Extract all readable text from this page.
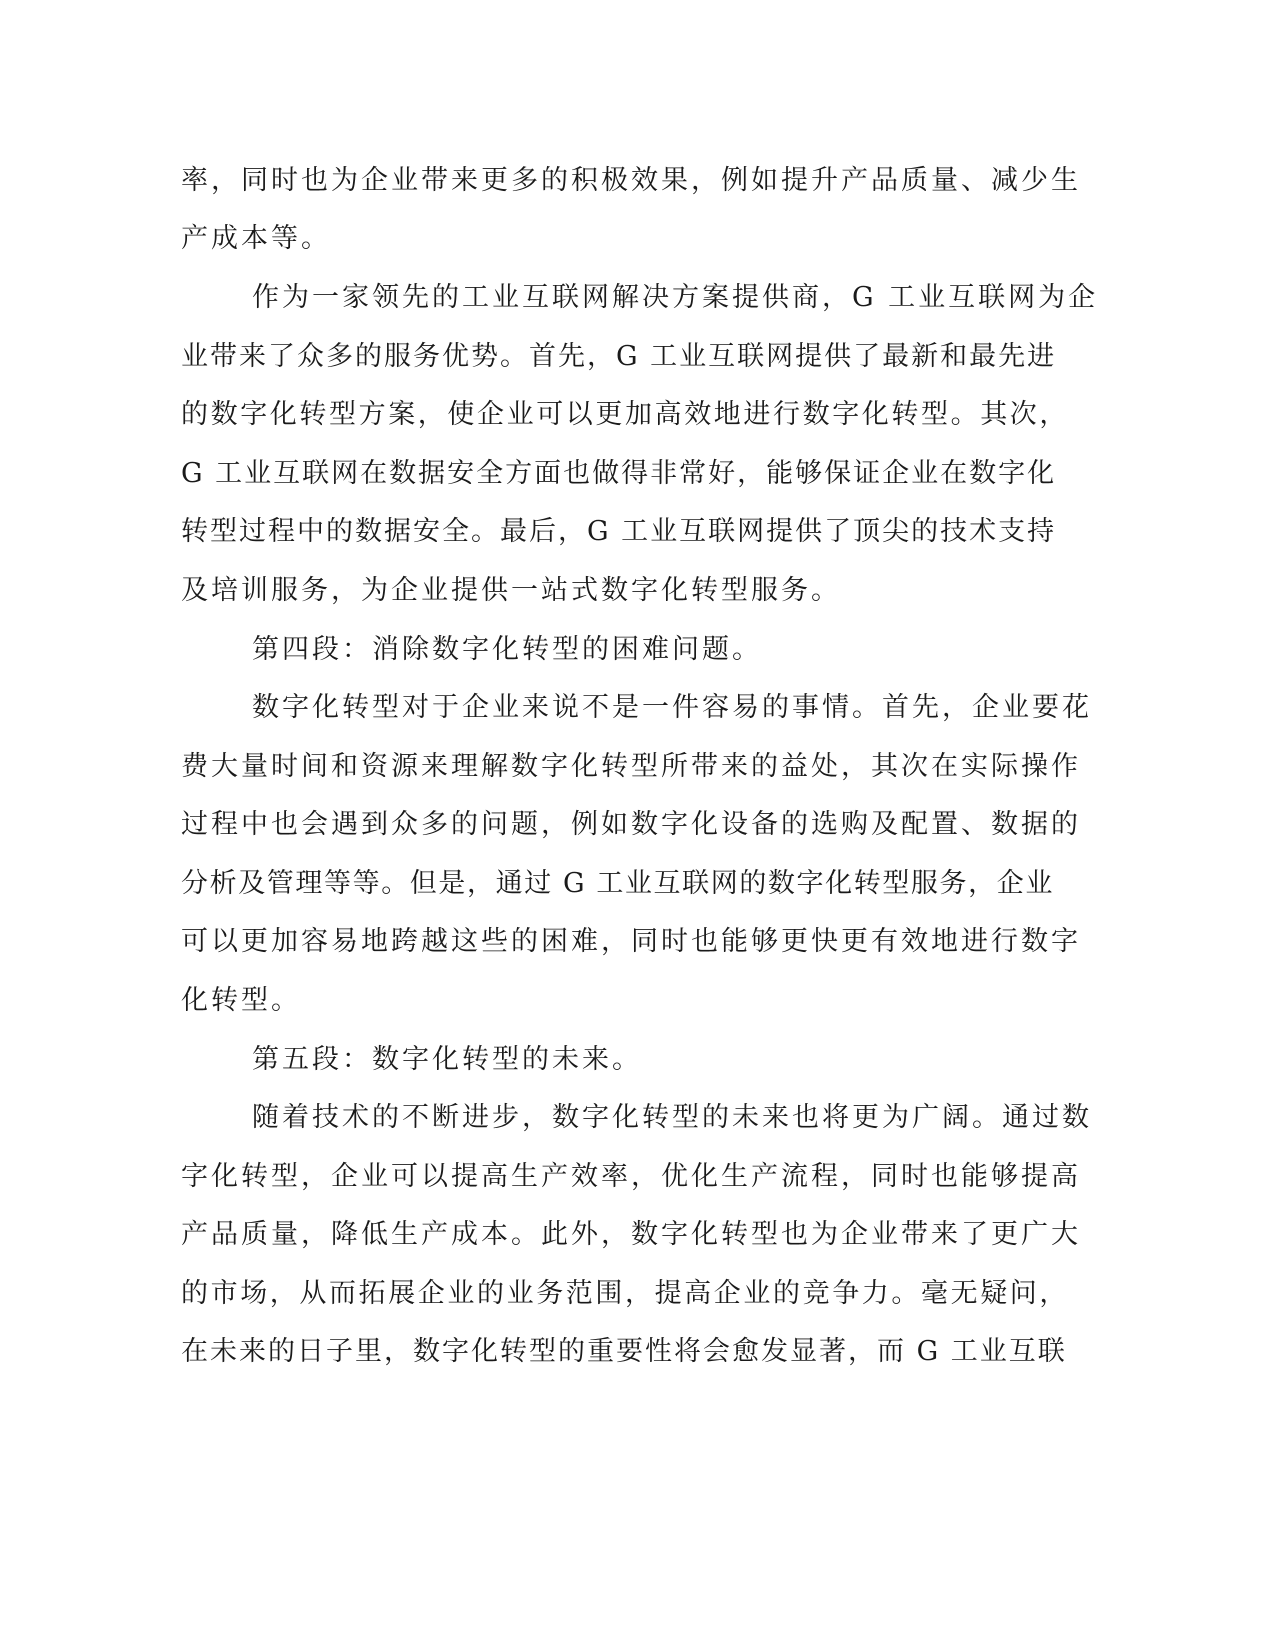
率，同时也为企业带来更多的积极效果，例如提升产品质量、减少生
产成本等。
作为一家领先的工业互联网解决方案提供商，G 工业互联网为企
业带来了众多的服务优势。首先，G 工业互联网提供了最新和最先进
的数字化转型方案，使企业可以更加高效地进行数字化转型。其次，
G 工业互联网在数据安全方面也做得非常好，能够保证企业在数字化
转型过程中的数据安全。最后，G 工业互联网提供了顶尖的技术支持
及培训服务，为企业提供一站式数字化转型服务。
第四段：消除数字化转型的困难问题。
数字化转型对于企业来说不是一件容易的事情。首先，企业要花
费大量时间和资源来理解数字化转型所带来的益处，其次在实际操作
过程中也会遇到众多的问题，例如数字化设备的选购及配置、数据的
分析及管理等等。但是，通过 G 工业互联网的数字化转型服务，企业
可以更加容易地跨越这些的困难，同时也能够更快更有效地进行数字
化转型。
第五段：数字化转型的未来。
随着技术的不断进步，数字化转型的未来也将更为广阔。通过数
字化转型，企业可以提高生产效率，优化生产流程，同时也能够提高
产品质量，降低生产成本。此外，数字化转型也为企业带来了更广大
的市场，从而拓展企业的业务范围，提高企业的竞争力。毫无疑问，
在未来的日子里，数字化转型的重要性将会愈发显著，而 G 工业互联
